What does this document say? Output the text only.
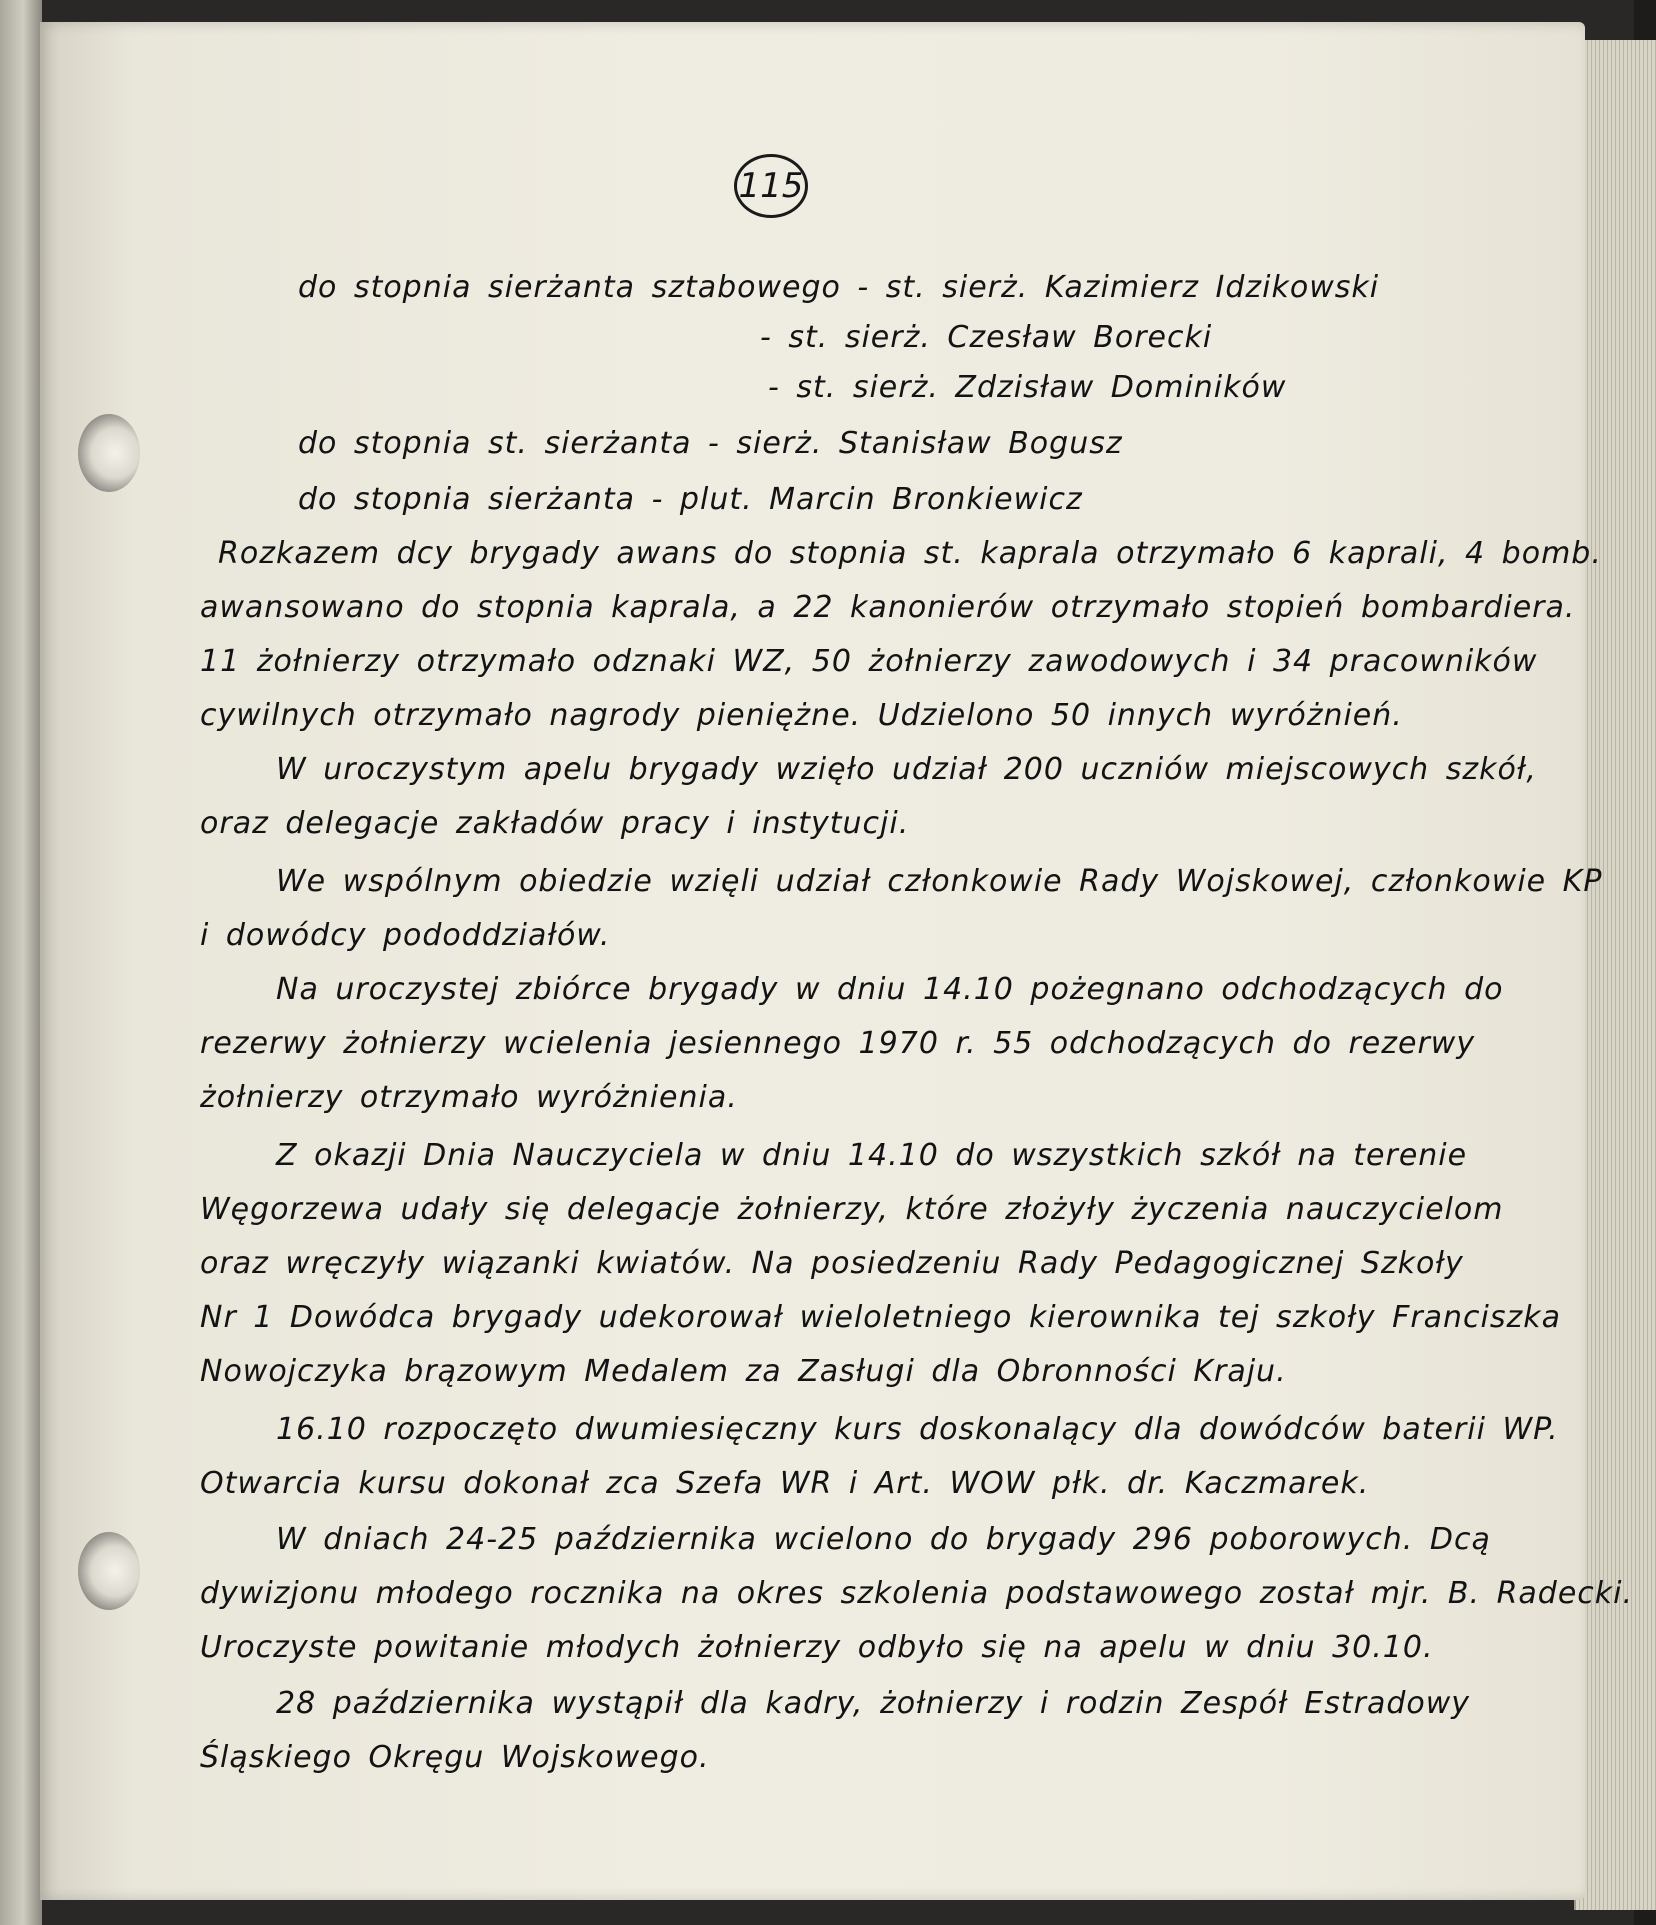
115
do stopnia sierżanta sztabowego - st. sierż. Kazimierz Idzikowski
- st. sierż. Czesław Borecki
- st. sierż. Zdzisław Dominików
do stopnia st. sierżanta - sierż. Stanisław Bogusz
do stopnia sierżanta - plut. Marcin Bronkiewicz
Rozkazem dcy brygady awans do stopnia st. kaprala otrzymało 6 kaprali, 4 bomb.
awansowano do stopnia kaprala, a 22 kanonierów otrzymało stopień bombardiera.
11 żołnierzy otrzymało odznaki WZ, 50 żołnierzy zawodowych i 34 pracowników
cywilnych otrzymało nagrody pieniężne. Udzielono 50 innych wyróżnień.
W uroczystym apelu brygady wzięło udział 200 uczniów miejscowych szkół,
oraz delegacje zakładów pracy i instytucji.
We wspólnym obiedzie wzięli udział członkowie Rady Wojskowej, członkowie KP
i dowódcy pododdziałów.
Na uroczystej zbiórce brygady w dniu 14.10 pożegnano odchodzących do
rezerwy żołnierzy wcielenia jesiennego 1970 r. 55 odchodzących do rezerwy
żołnierzy otrzymało wyróżnienia.
Z okazji Dnia Nauczyciela w dniu 14.10 do wszystkich szkół na terenie
Węgorzewa udały się delegacje żołnierzy, które złożyły życzenia nauczycielom
oraz wręczyły wiązanki kwiatów. Na posiedzeniu Rady Pedagogicznej Szkoły
Nr 1 Dowódca brygady udekorował wieloletniego kierownika tej szkoły Franciszka
Nowojczyka brązowym Medalem za Zasługi dla Obronności Kraju.
16.10 rozpoczęto dwumiesięczny kurs doskonalący dla dowódców baterii WP.
Otwarcia kursu dokonał zca Szefa WR i Art. WOW płk. dr. Kaczmarek.
W dniach 24-25 października wcielono do brygady 296 poborowych. Dcą
dywizjonu młodego rocznika na okres szkolenia podstawowego został mjr. B. Radecki.
Uroczyste powitanie młodych żołnierzy odbyło się na apelu w dniu 30.10.
28 października wystąpił dla kadry, żołnierzy i rodzin Zespół Estradowy
Śląskiego Okręgu Wojskowego.
